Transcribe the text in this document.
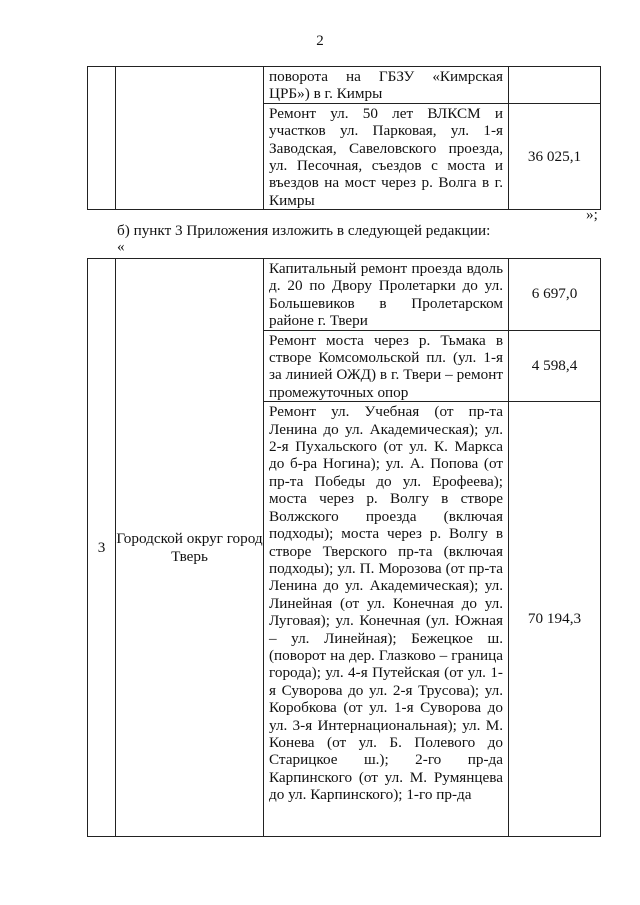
2
		поворота на ГБЗУ «Кимрская ЦРБ») в г. Кимры	
		Ремонт ул. 50 лет ВЛКСМ и участков ул. Парковая, ул. 1-я Заводская, Савеловского проезда, ул. Песочная, съездов с моста и въездов на мост через р. Волга в г. Кимры	36 025,1
»;
б) пункт 3 Приложения изложить в следующей редакции:
«
3	Городской округ город Тверь	Капитальный ремонт проезда вдоль д. 20 по Двору Пролетарки до ул. Большевиков в Пролетарском районе г. Твери	6 697,0
		Ремонт моста через р. Тьмака в створе Комсомольской пл. (ул. 1-я за линией ОЖД) в г. Твери – ремонт промежуточных опор	4 598,4
		Ремонт ул. Учебная (от пр-та Ленина до ул. Академическая); ул. 2-я Пухальского (от ул. К. Маркса до б-ра Ногина); ул. А. Попова (от пр-та Победы до ул. Ерофеева); моста через р. Волгу в створе Волжского проезда (включая подходы); моста через р. Волгу в створе Тверского пр-та (включая подходы); ул. П. Морозова (от пр-та Ленина до ул. Академическая); ул. Линейная (от ул. Конечная до ул. Луговая); ул. Конечная (ул. Южная – ул. Линейная); Бежецкое ш. (поворот на дер. Глазково – граница города); ул. 4-я Путейская (от ул. 1-я Суворова до ул. 2-я Трусова); ул. Коробкова (от ул. 1-я Суворова до ул. 3-я Интернациональная); ул. М. Конева (от ул. Б. Полевого до Старицкое ш.); 2-го пр-да Карпинского (от ул. М. Румянцева до ул. Карпинского); 1-го пр-да	70 194,3
